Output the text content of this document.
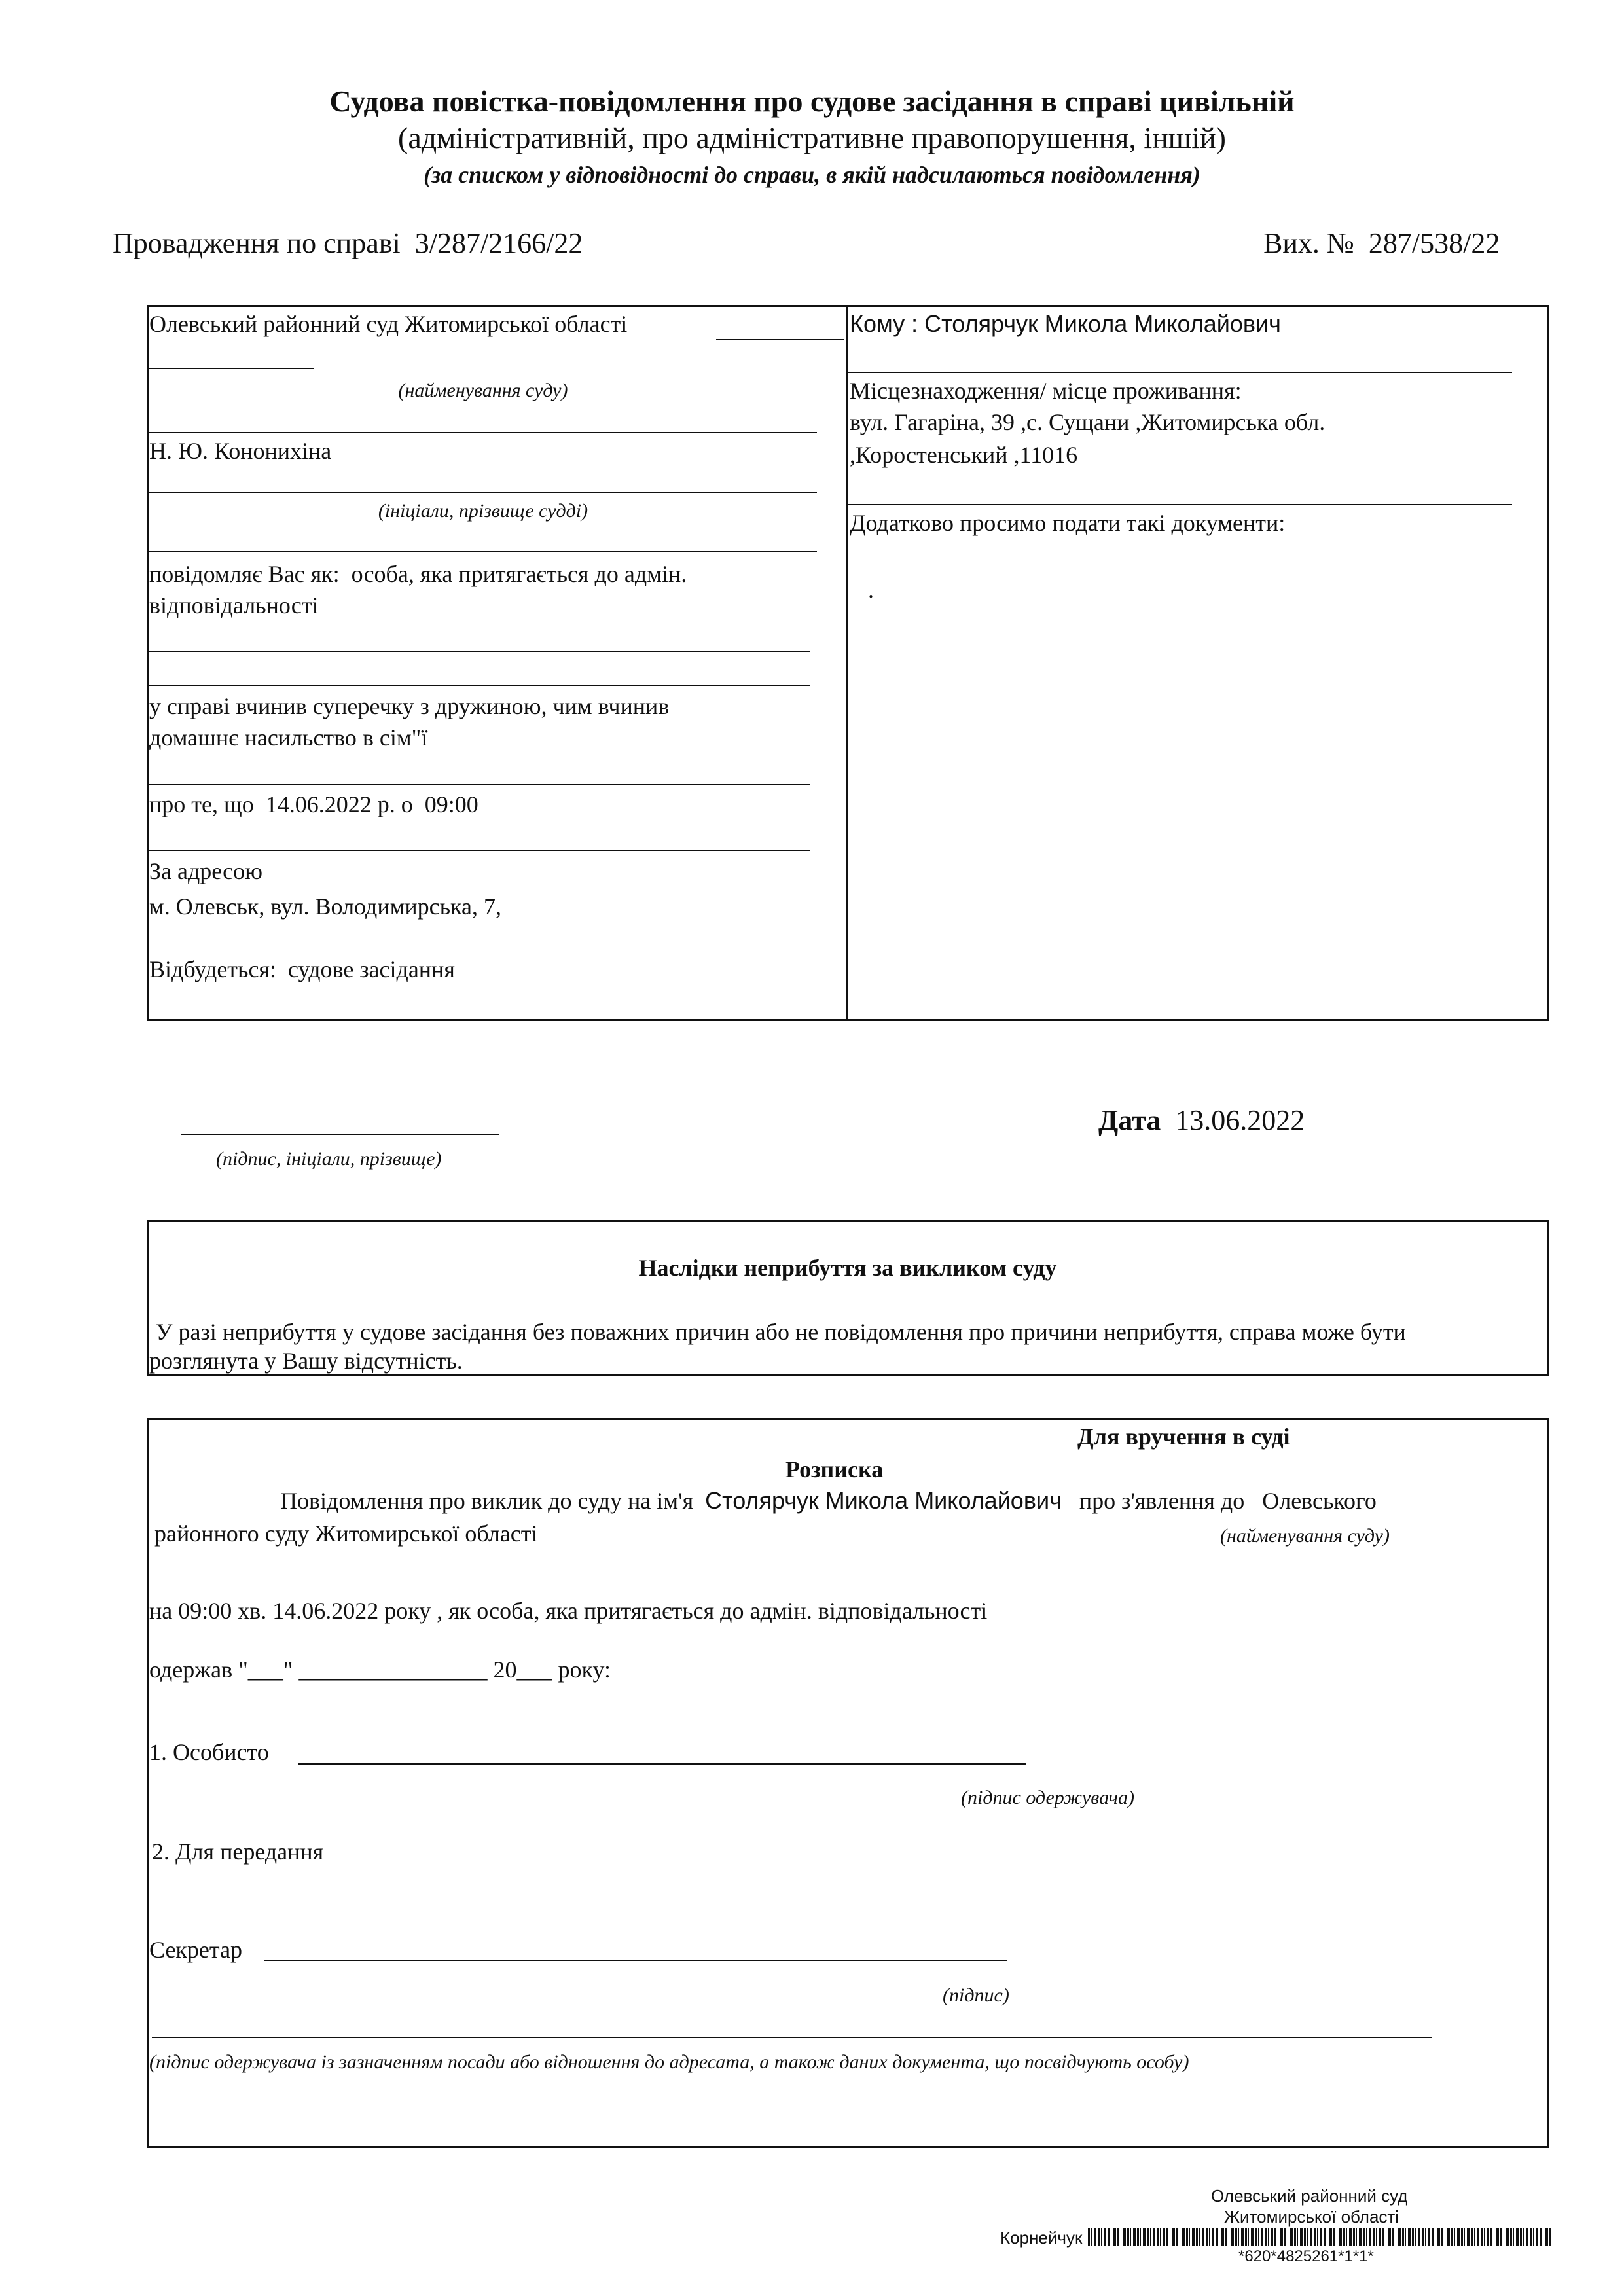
Судова повістка-повідомлення про судове засідання в справі цивільній
(адміністративній, про адміністративне правопорушення, іншій)
(за списком у відповідності до справи, в якій надсилаються повідомлення)
Провадження по справі 3/287/2166/22	Вих. № 287/538/22
Олевський районний суд Житомирської області
(найменування суду)
Н. Ю. Кононихіна
(ініціали, прізвище судді)
повідомляє Вас як: особа, яка притягається до адмін.
відповідальності
у справі вчинив суперечку з дружиною, чим вчинив
домашнє насильство в сім"ї
про те, що 14.06.2022 р. о 09:00
За адресою
м. Олевськ, вул. Володимирська, 7,
Відбудеться: судове засідання
Кому : Столярчук Микола Миколайович
Місцезнаходження/ місце проживання:
вул. Гагаріна, 39 ,с. Сущани ,Житомирська обл.
,Коростенський ,11016
Додатково просимо подати такі документи:
.
(підпис, ініціали, прізвище)
Дата 13.06.2022
Наслідки неприбуття за викликом суду
У разі неприбуття у судове засідання без поважних причин або не повідомлення про причини неприбуття, справа може бути
розглянута у Вашу відсутність.
Для вручення в суді
Розписка
Повідомлення про виклик до суду на ім'я Столярчук Микола Миколайович про з'явлення до Олевського
районного суду Житомирської області	(найменування суду)
на 09:00 хв. 14.06.2022 року , як особа, яка притягається до адмін. відповідальності
одержав "___" ________________ 20___ року:
1. Особисто
(підпис одержувача)
2. Для передання
Секретар
(підпис)
(підпис одержувача із зазначенням посади або відношення до адресата, а також даних документа, що посвідчують особу)
Олевський районний суд
Житомирської області
Корнейчук
*620*4825261*1*1*
